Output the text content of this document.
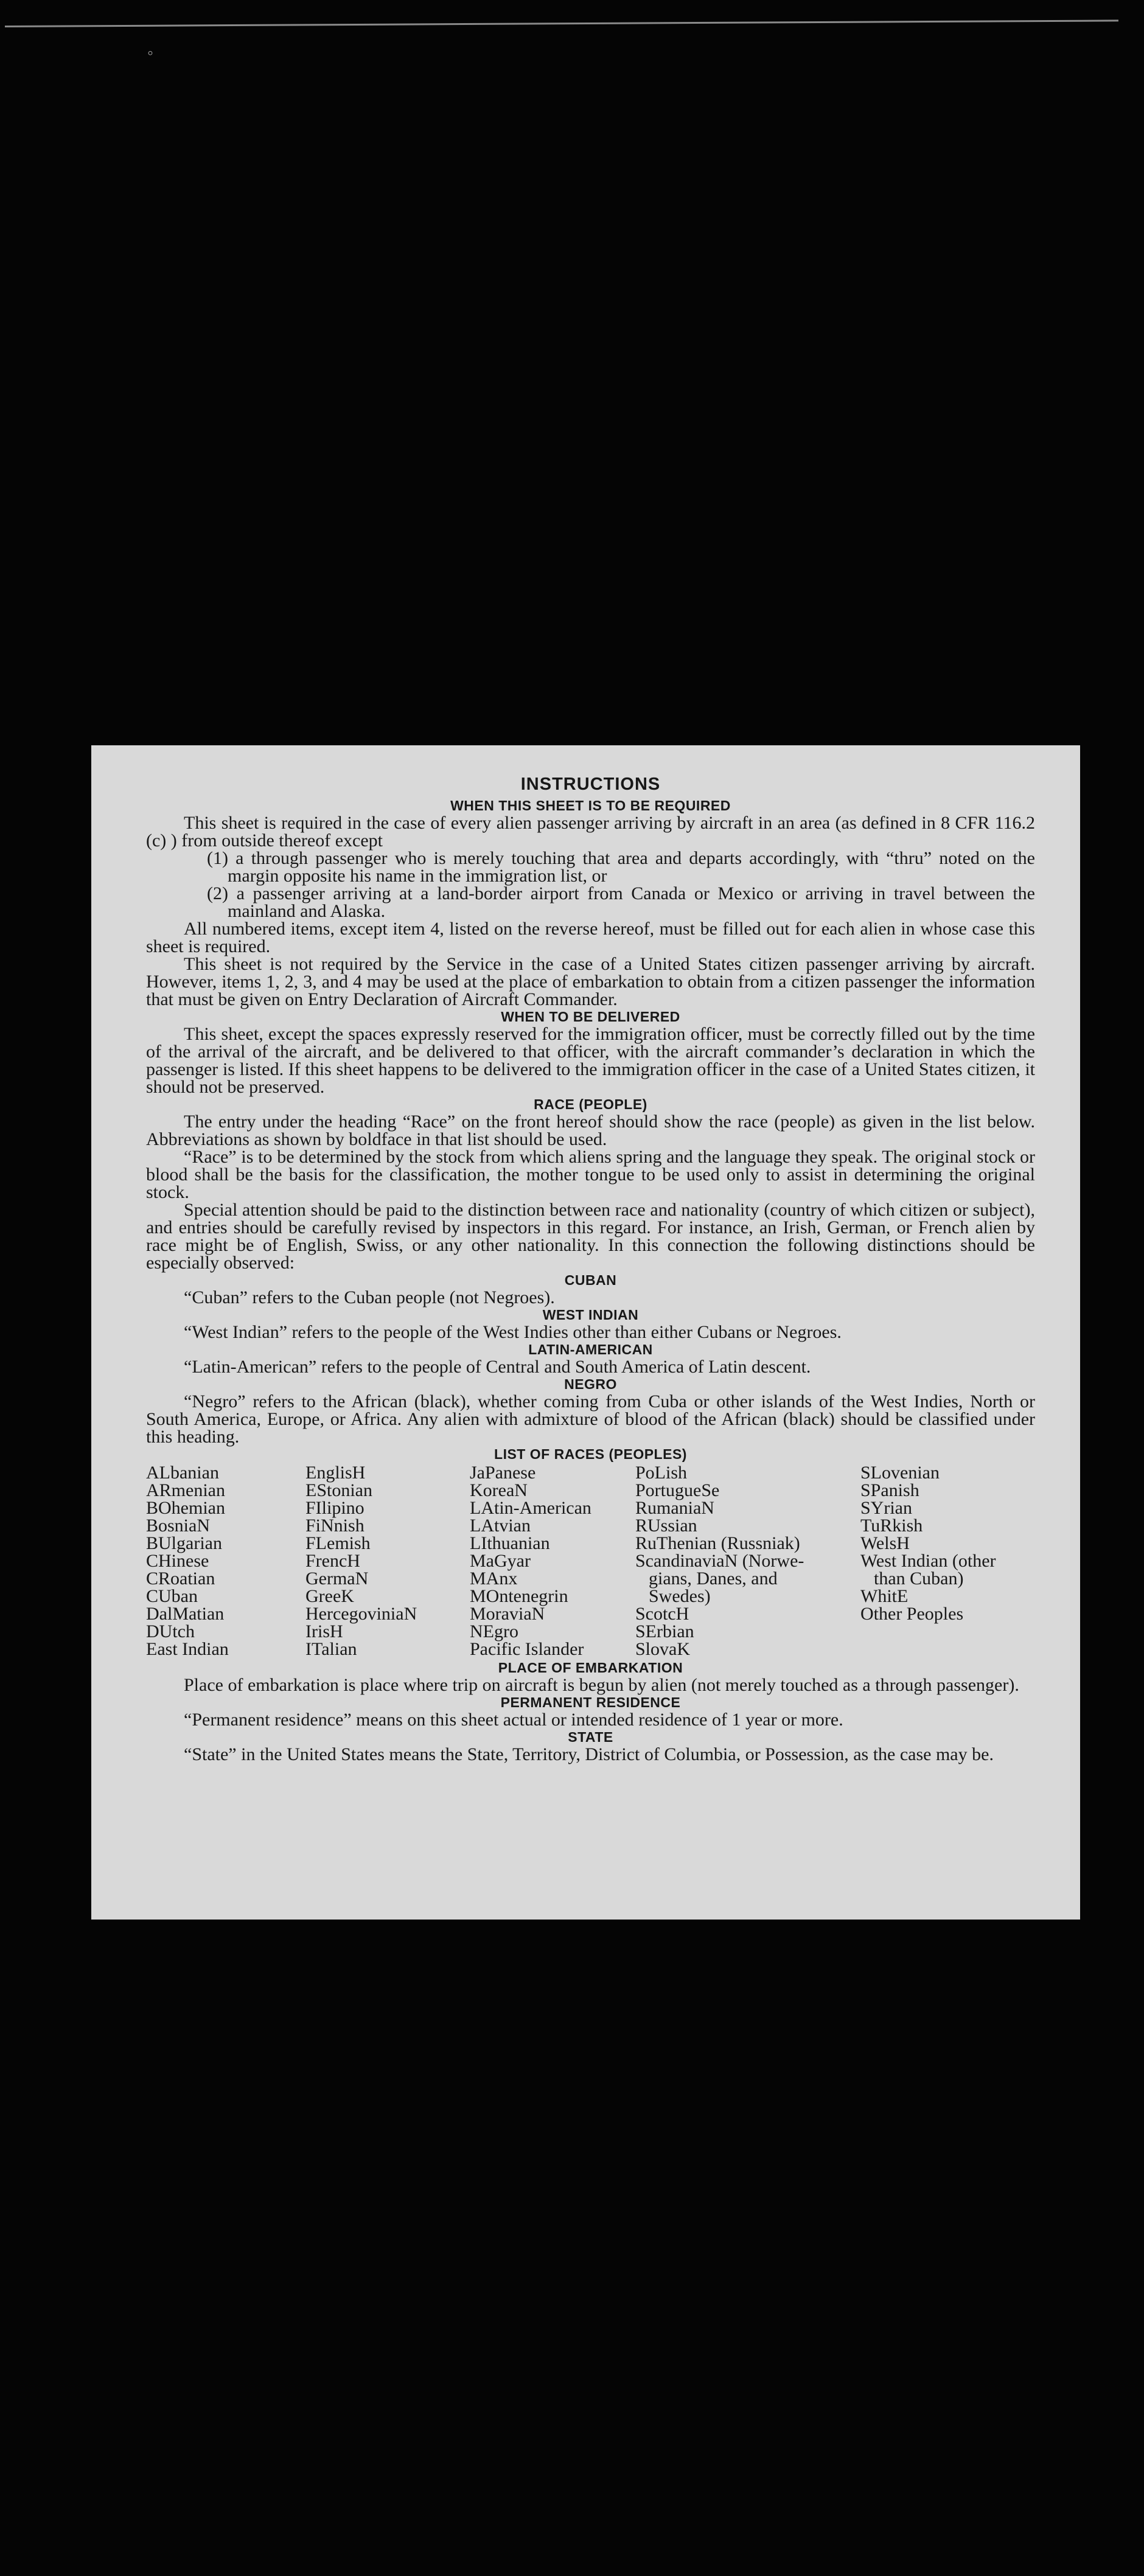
◦
INSTRUCTIONS
WHEN THIS SHEET IS TO BE REQUIRED

This sheet is required in the case of every alien passenger arriving by aircraft in an area (as defined in 8 CFR 116.2 (c) ) from outside thereof except

(1) a through passenger who is merely touching that area and departs accordingly, with “thru” noted on the margin opposite his name in the immigration list, or

(2) a passenger arriving at a land-border airport from Canada or Mexico or arriving in travel between the mainland and Alaska.

All numbered items, except item 4, listed on the reverse hereof, must be filled out for each alien in whose case this sheet is required.

This sheet is not required by the Service in the case of a United States citizen passenger arriving by aircraft. However, items 1, 2, 3, and 4 may be used at the place of embarkation to obtain from a citizen passenger the information that must be given on Entry Declaration of Aircraft Commander.

WHEN TO BE DELIVERED

This sheet, except the spaces expressly reserved for the immigration officer, must be correctly filled out by the time of the arrival of the aircraft, and be delivered to that officer, with the aircraft commander’s declaration in which the passenger is listed. If this sheet happens to be delivered to the immigration officer in the case of a United States citizen, it should not be preserved.

RACE (PEOPLE)

The entry under the heading “Race” on the front hereof should show the race (people) as given in the list below. Abbreviations as shown by boldface in that list should be used.

“Race” is to be determined by the stock from which aliens spring and the language they speak. The original stock or blood shall be the basis for the classification, the mother tongue to be used only to assist in determining the original stock.

Special attention should be paid to the distinction between race and nationality (country of which citizen or subject), and entries should be carefully revised by inspectors in this regard. For instance, an Irish, German, or French alien by race might be of English, Swiss, or any other nationality. In this connection the following distinctions should be especially observed:

CUBAN

“Cuban” refers to the Cuban people (not Negroes).

WEST INDIAN

“West Indian” refers to the people of the West Indies other than either Cubans or Negroes.

LATIN-AMERICAN

“Latin-American” refers to the people of Central and South America of Latin descent.

NEGRO

“Negro” refers to the African (black), whether coming from Cuba or other islands of the West Indies, North or South America, Europe, or Africa. Any alien with admixture of blood of the African (black) should be classified under this heading.

LIST OF RACES (PEOPLES)
ALbanian
ARmenian
BOhemian
BosniaN
BUlgarian
CHinese
CRoatian
CUban
DalMatian
DUtch
East Indian
EnglisH
EStonian
FIlipino
FiNnish
FLemish
FrencH
GermaN
GreeK
HercegoviniaN
IrisH
ITalian
JaPanese
KoreaN
LAtin-American
LAtvian
LIthuanian
MaGyar
MAnx
MOntenegrin
MoraviaN
NEgro
Pacific Islander
PoLish
PortugueSe
RumaniaN
RUssian
RuThenian (Russniak)
ScandinaviaN (Norwe-
gians, Danes, and
Swedes)
ScotcH
SErbian
SlovaK
SLovenian
SPanish
SYrian
TuRkish
WelsH
West Indian (other
than Cuban)
WhitE
Other Peoples
PLACE OF EMBARKATION

Place of embarkation is place where trip on aircraft is begun by alien (not merely touched as a through passenger).

PERMANENT RESIDENCE

“Permanent residence” means on this sheet actual or intended residence of 1 year or more.

STATE

“State” in the United States means the State, Territory, District of Columbia, or Possession, as the case may be.
